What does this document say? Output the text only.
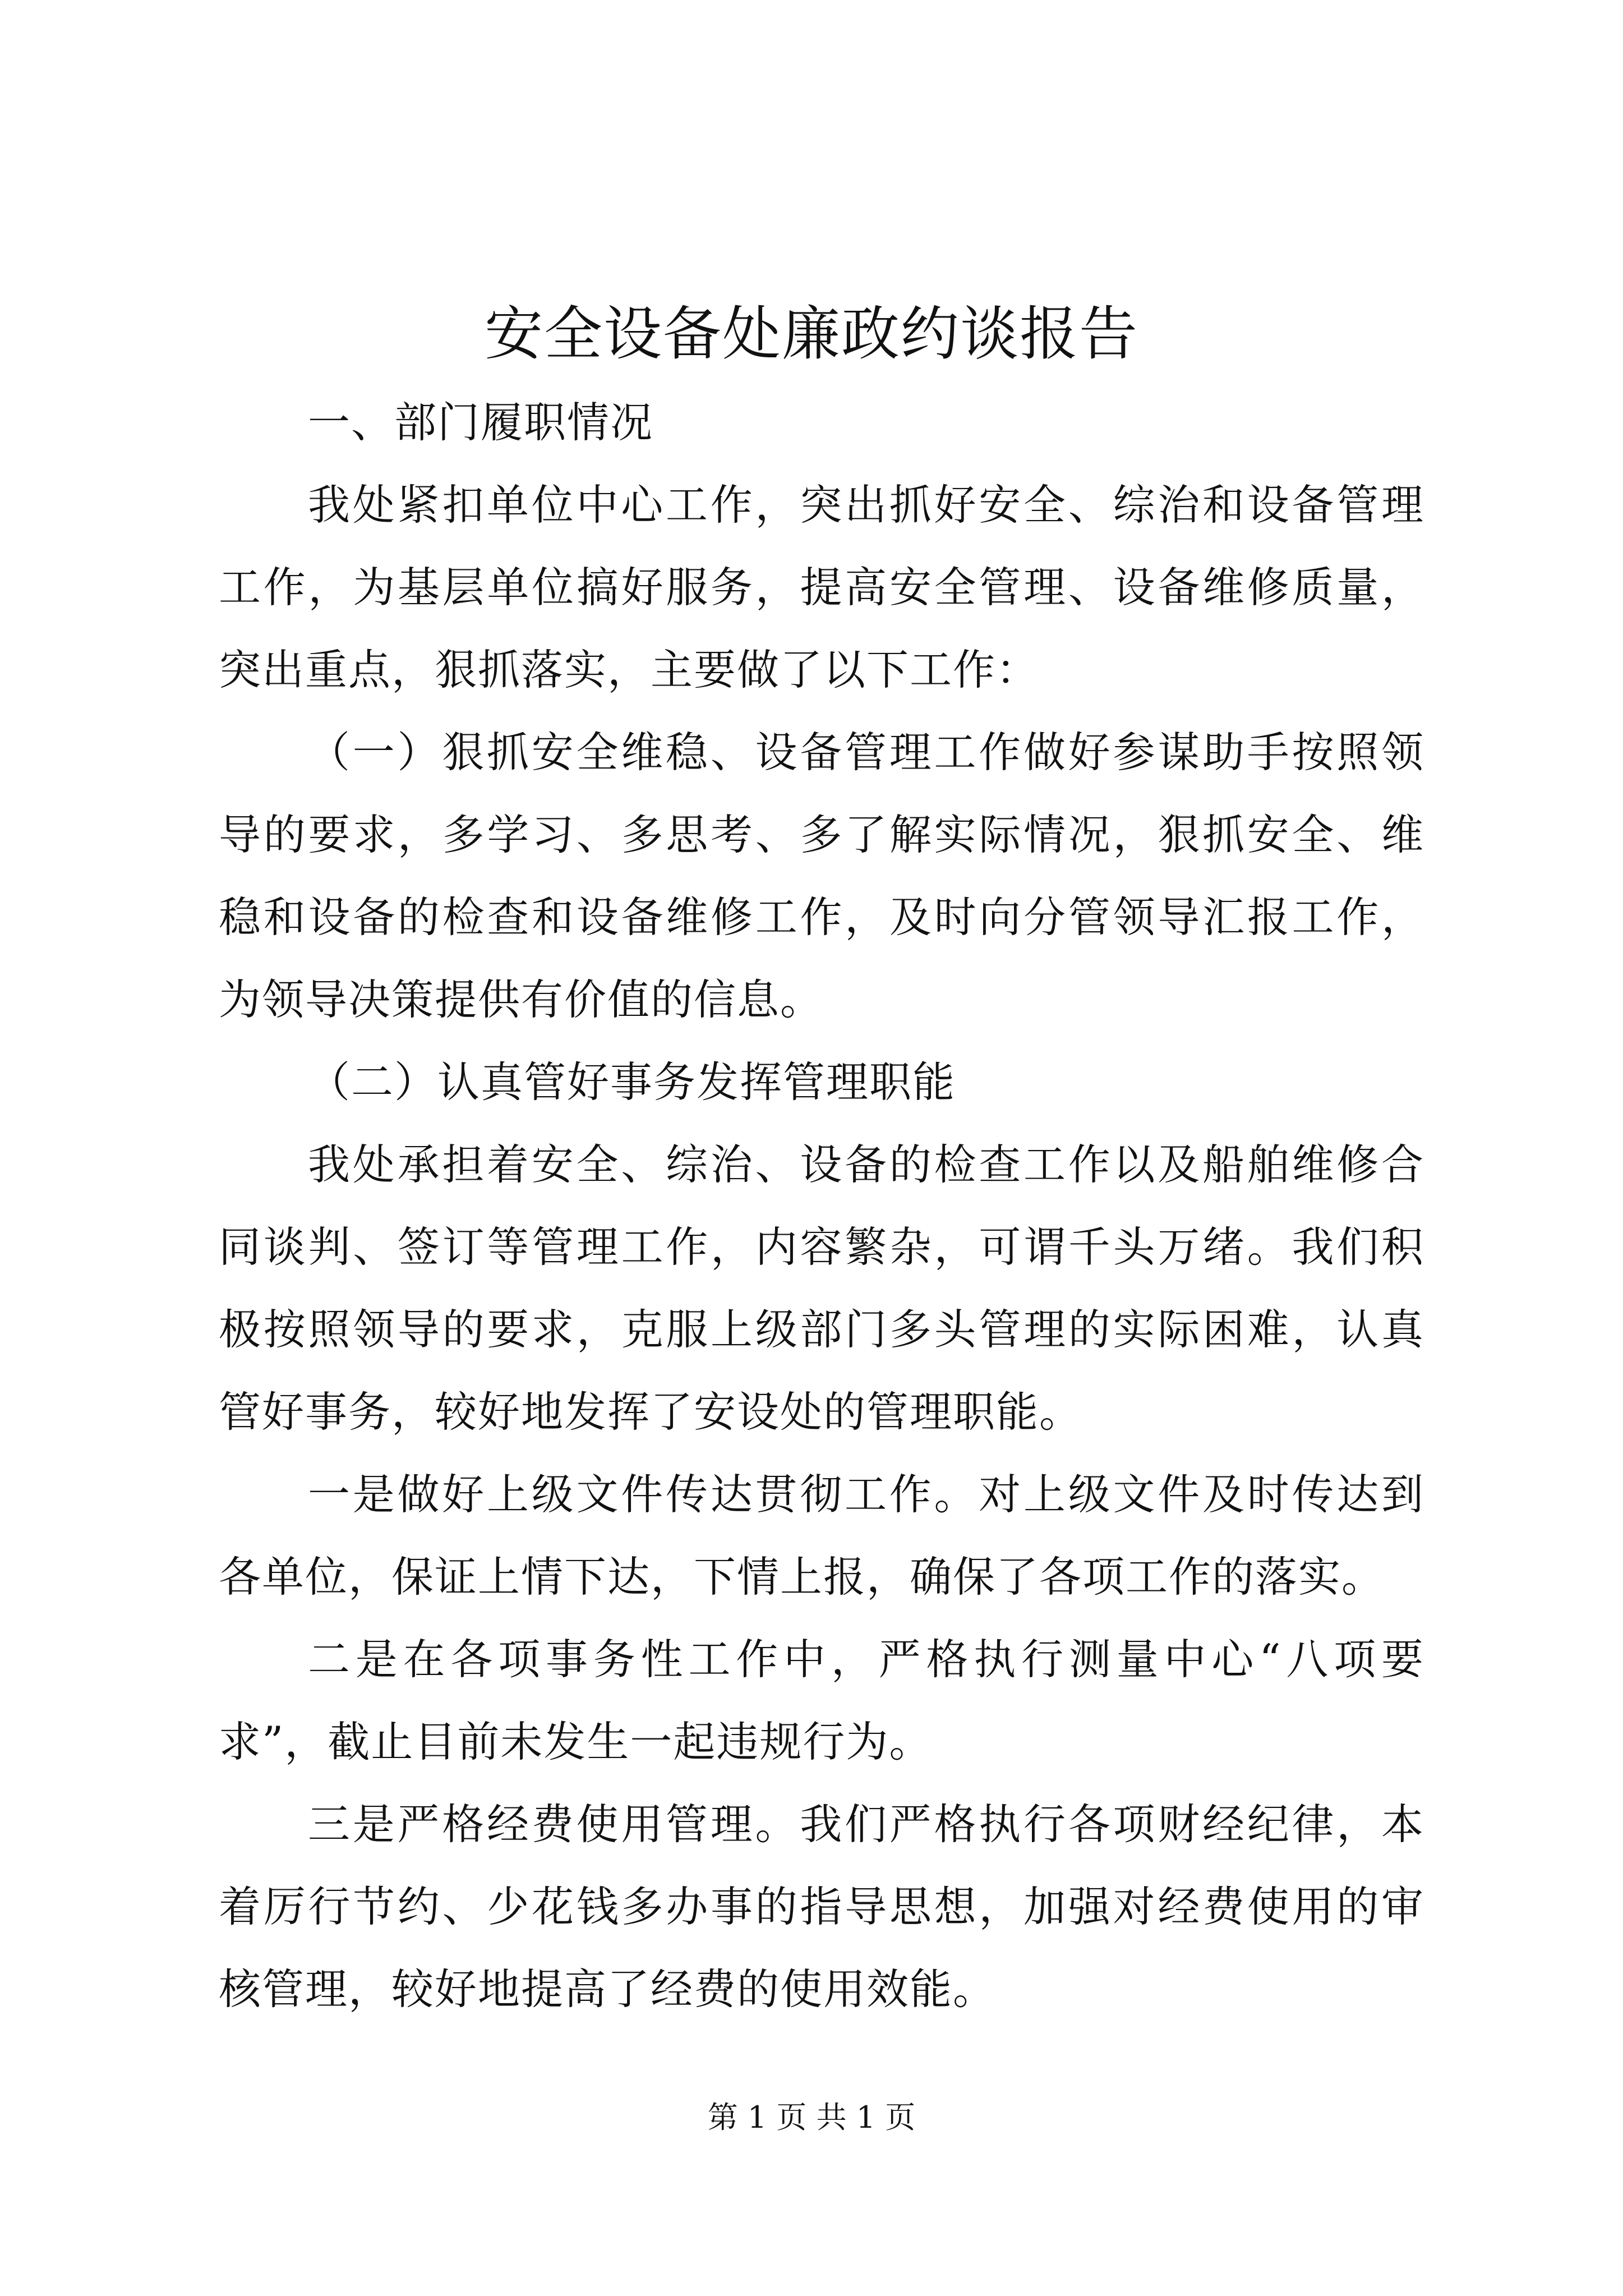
安全设备处廉政约谈报告

一、部门履职情况

我处紧扣单位中心工作，突出抓好安全、综治和设备管理工作，为基层单位搞好服务，提高安全管理、设备维修质量，突出重点，狠抓落实，主要做了以下工作：

（一）狠抓安全维稳、设备管理工作做好参谋助手按照领导的要求，多学习、多思考、多了解实际情况，狠抓安全、维稳和设备的检查和设备维修工作，及时向分管领导汇报工作，为领导决策提供有价值的信息。

（二）认真管好事务发挥管理职能

我处承担着安全、综治、设备的检查工作以及船舶维修合同谈判、签订等管理工作，内容繁杂，可谓千头万绪。我们积极按照领导的要求，克服上级部门多头管理的实际困难，认真管好事务，较好地发挥了安设处的管理职能。

一是做好上级文件传达贯彻工作。对上级文件及时传达到各单位，保证上情下达，下情上报，确保了各项工作的落实。

二是在各项事务性工作中，严格执行测量中心“八项要求”，截止目前未发生一起违规行为。

三是严格经费使用管理。我们严格执行各项财经纪律，本着厉行节约、少花钱多办事的指导思想，加强对经费使用的审核管理，较好地提高了经费的使用效能。

第 1 页 共 1 页
